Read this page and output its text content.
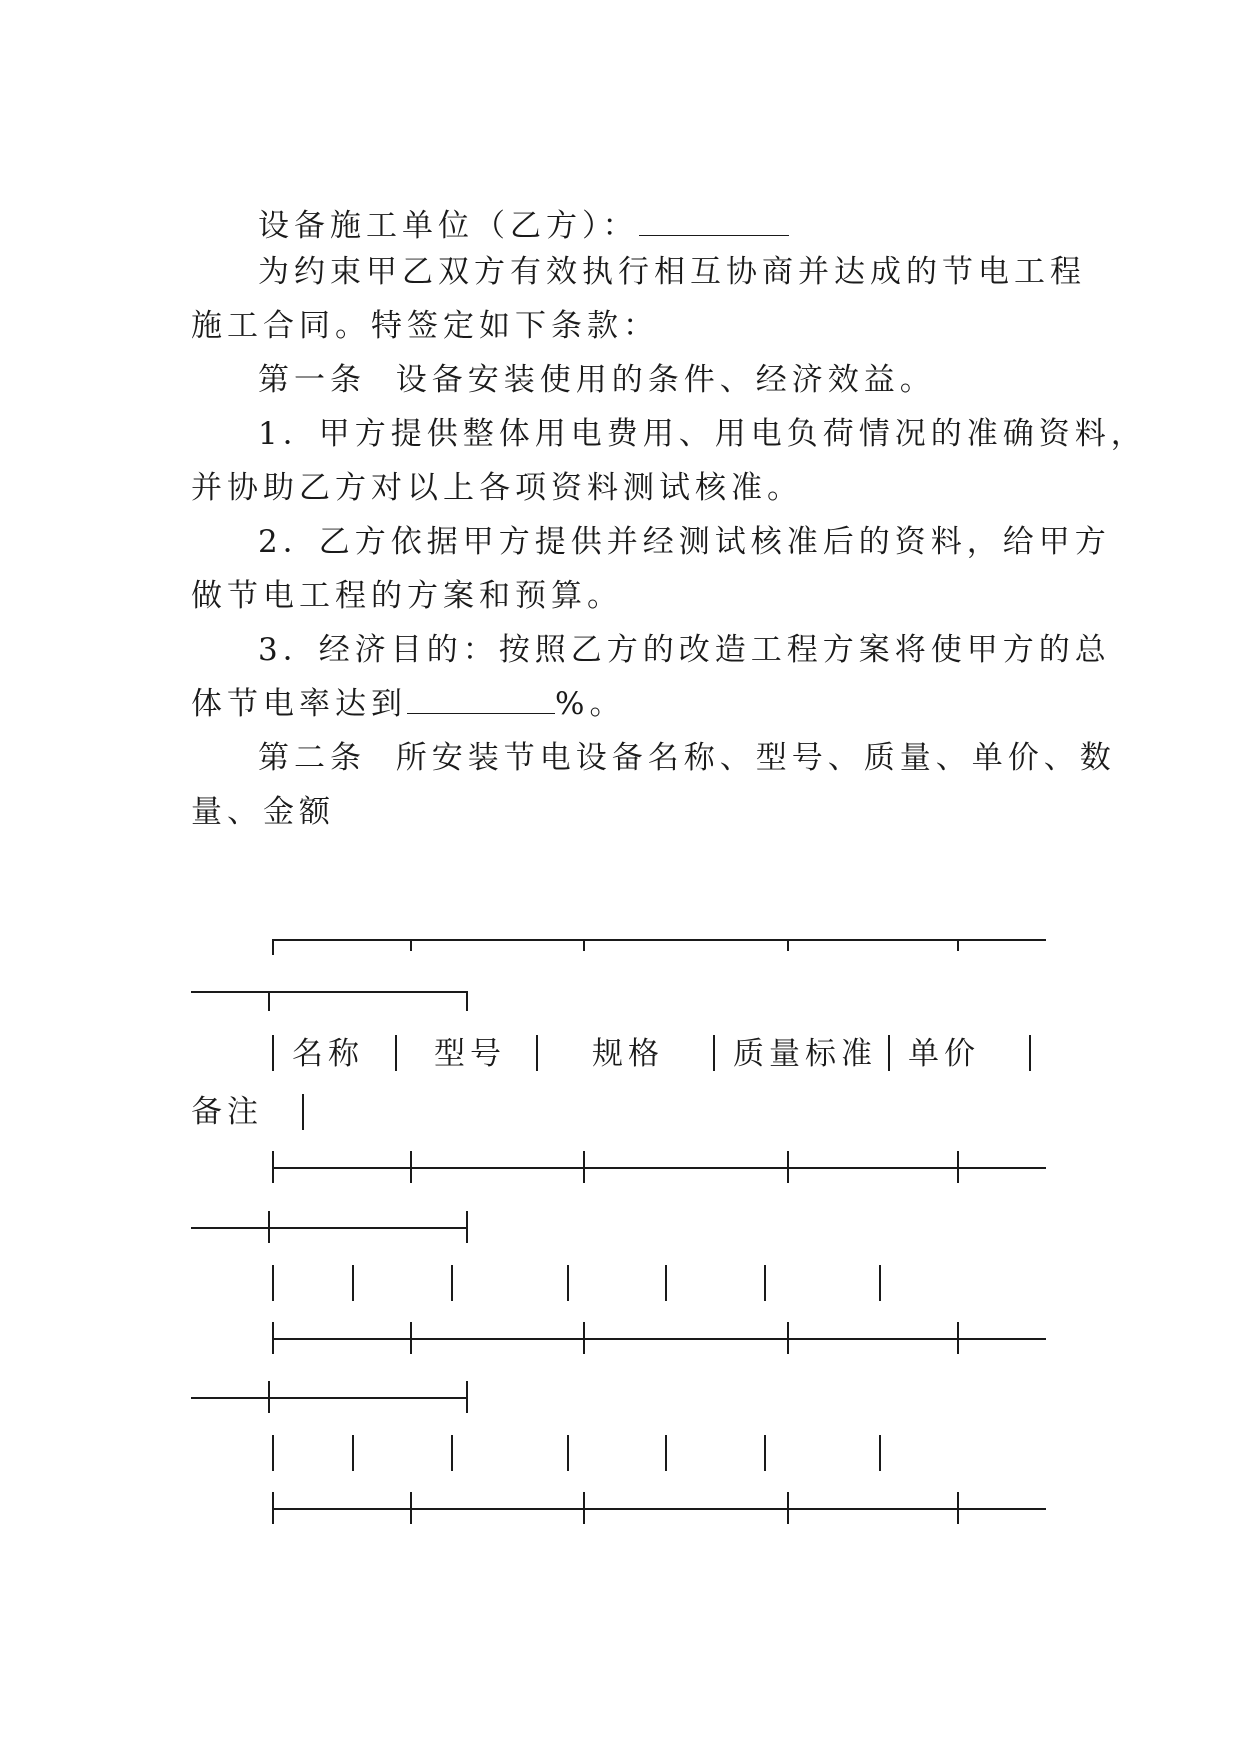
设备施工单位（乙方）：
为约束甲乙双方有效执行相互协商并达成的节电工程
施工合同。特签定如下条款：
第一条  设备安装使用的条件、经济效益。
1．甲方提供整体用电费用、用电负荷情况的准确资料，
并协助乙方对以上各项资料测试核准。
2．乙方依据甲方提供并经测试核准后的资料，给甲方
做节电工程的方案和预算。
3．经济目的：按照乙方的改造工程方案将使甲方的总
体节电率达到	%。
第二条  所安装节电设备名称、型号、质量、单价、数
量、金额
名称 型号	规格 质量标准 单价
备注
